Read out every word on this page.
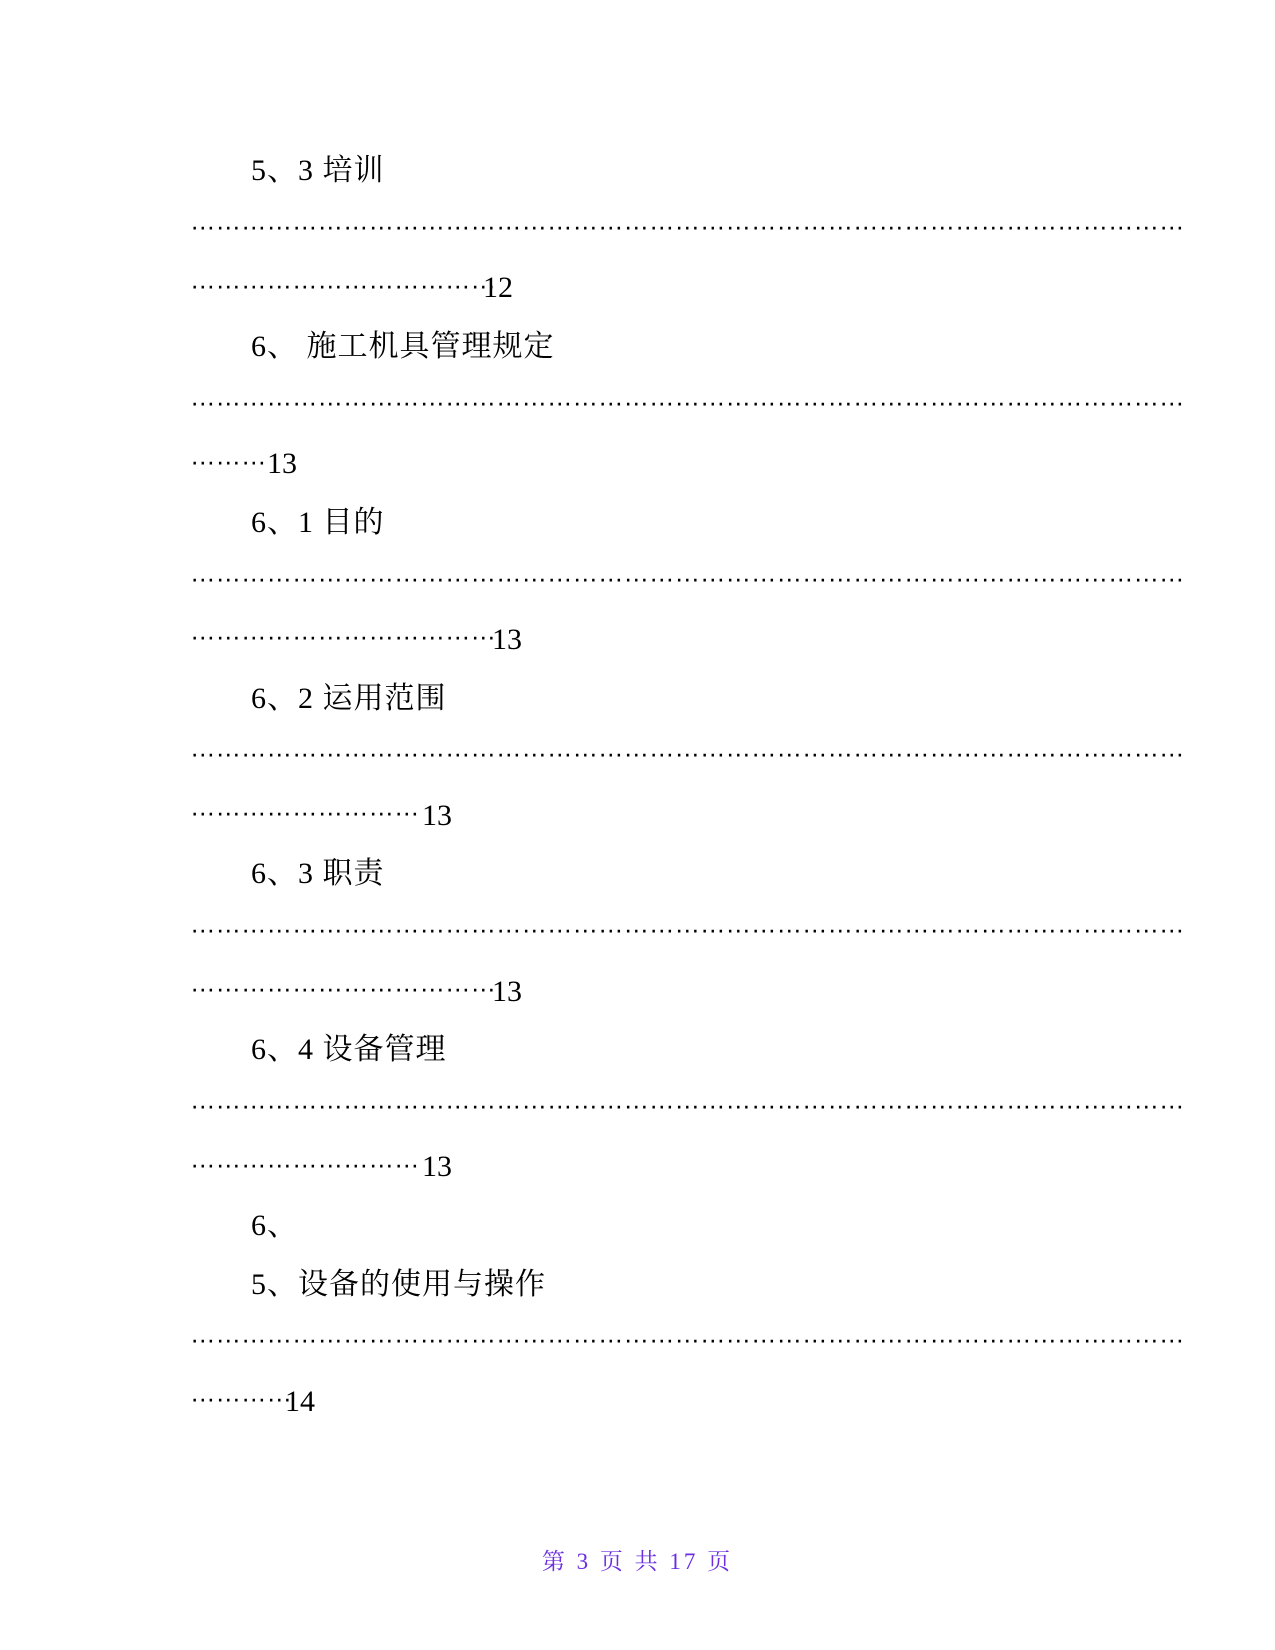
5、3 培训
………………………………………………………………………………………………………
………………………………
12
6、 施工机具管理规定
………………………………………………………………………………………………………
……… 13
6、1 目的
………………………………………………………………………………………………………
………………………………
13
6、2 运用范围
………………………………………………………………………………………………………
……………………… 13
6、3 职责
………………………………………………………………………………………………………
………………………………
13
6、4 设备管理
………………………………………………………………………………………………………
……………………… 13
6、
5、设备的使用与操作
………………………………………………………………………………………………………
…………
14
第 3 页 共 17 页
